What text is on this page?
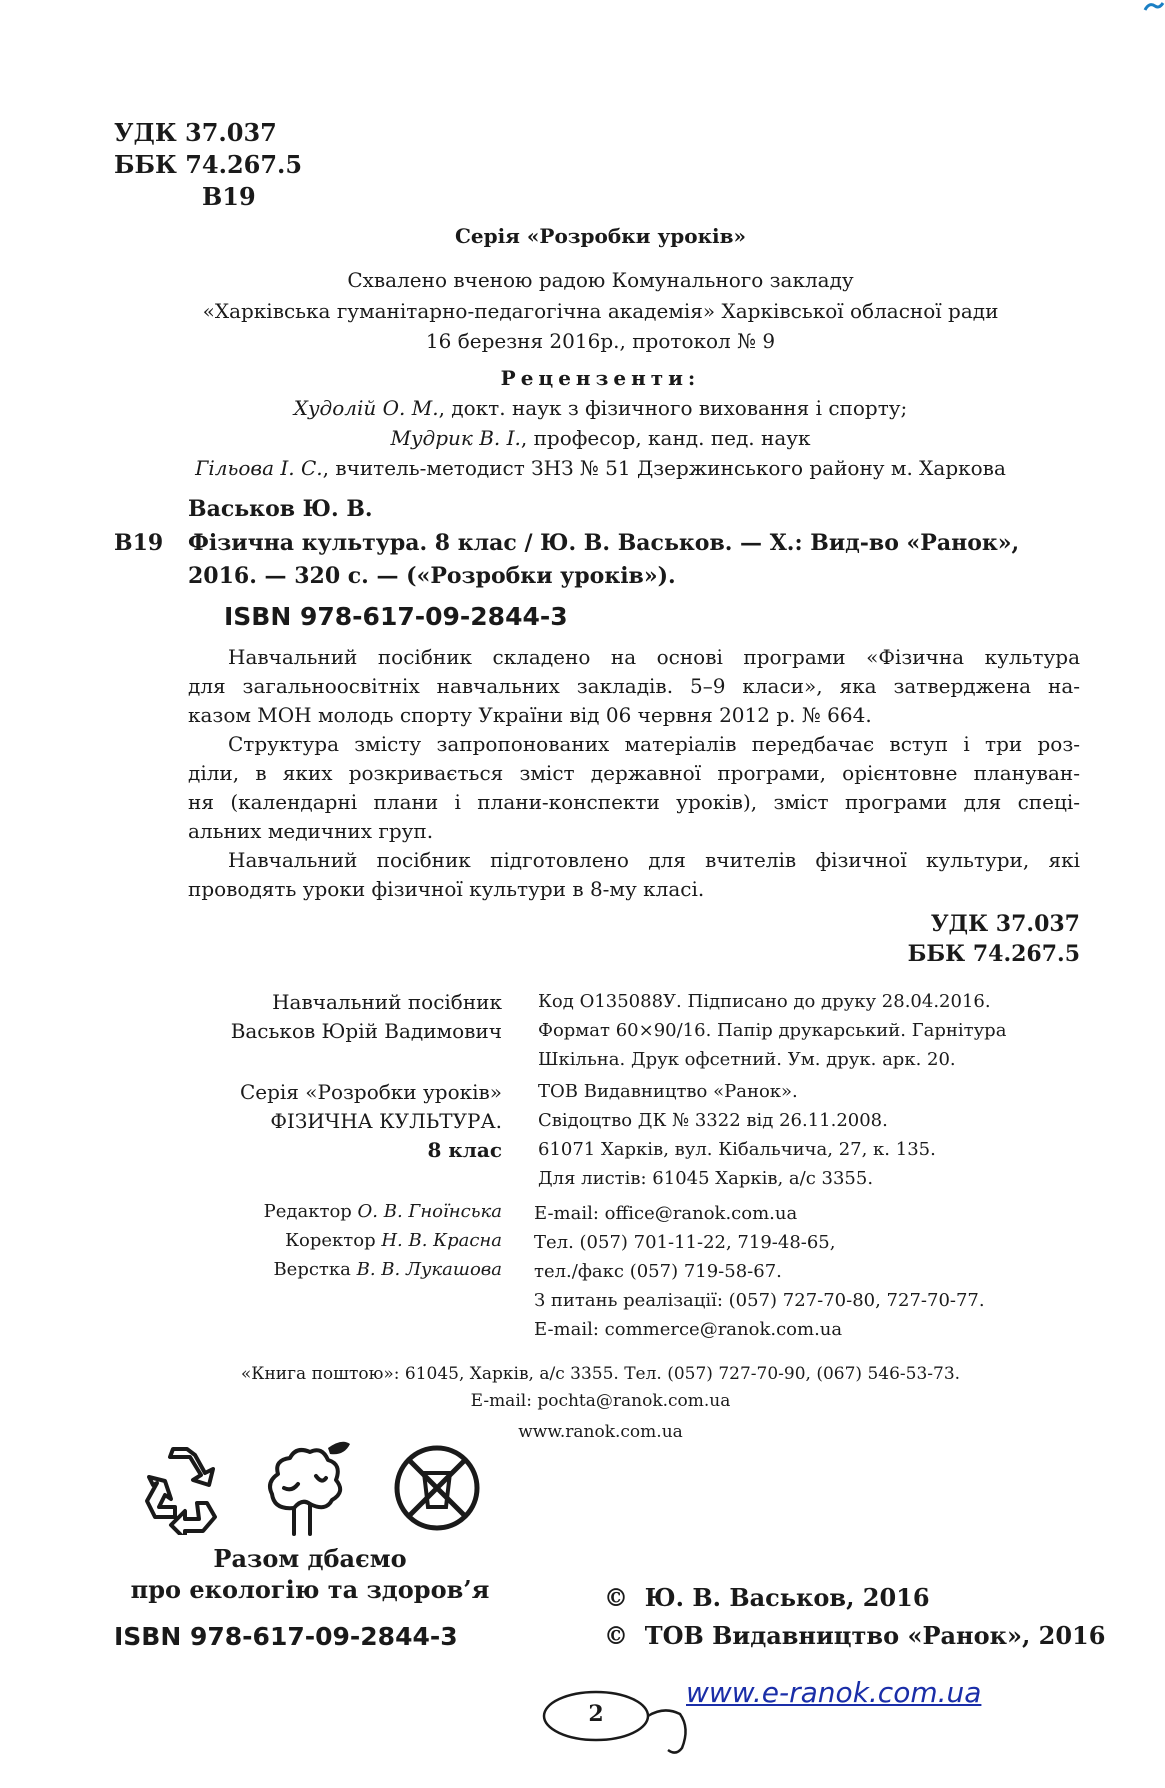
УДК 37.037
ББК 74.267.5
В19
Серія «Розробки уроків»
Схвалено вченою радою Комунального закладу
«Харківська гуманітарно-педагогічна академія» Харківської обласної ради
16 березня 2016р., протокол № 9
Рецензенти:
Худолій О. М., докт. наук з фізичного виховання і спорту;
Мудрик В. І., професор, канд. пед. наук
Гільова І. С., вчитель-методист ЗНЗ № 51 Дзержинського району м. Харкова
Васьков Ю. В.
В19 Фізична культура. 8 клас / Ю. В. Васьков. — Х.: Вид-во «Ранок»,
2016. — 320 с. — («Розробки уроків»).
ISBN 978-617-09-2844-3
Навчальний посібник складено на основі програми «Фізична культура
для загальноосвітніх навчальних закладів. 5–9 класи», яка затверджена на-
казом МОН молодь спорту України від 06 червня 2012 р. № 664.
Структура змісту запропонованих матеріалів передбачає вступ і три роз-
діли, в яких розкривається зміст державної програми, орієнтовне плануван-
ня (календарні плани і плани-конспекти уроків), зміст програми для спеці-
альних медичних груп.
Навчальний посібник підготовлено для вчителів фізичної культури, які
проводять уроки фізичної культури в 8-му класі.
УДК 37.037
ББК 74.267.5
Навчальний посібник
Васьков Юрій Вадимович
Серія «Розробки уроків»
ФІЗИЧНА КУЛЬТУРА.
8 клас
Редактор О. В. Гноїнська
Коректор Н. В. Красна
Верстка В. В. Лукашова
Код О135088У. Підписано до друку 28.04.2016.
Формат 60×90/16. Папір друкарський. Гарнітура
Шкільна. Друк офсетний. Ум. друк. арк. 20.
ТОВ Видавництво «Ранок».
Свідоцтво ДК № 3322 від 26.11.2008.
61071 Харків, вул. Кібальчича, 27, к. 135.
Для листів: 61045 Харків, а/с 3355.
E-mail: office@ranok.com.ua
Тел. (057) 701-11-22, 719-48-65,
тел./факс (057) 719-58-67.
З питань реалізації: (057) 727-70-80, 727-70-77.
E-mail: commerce@ranok.com.ua
«Книга поштою»: 61045, Харків, а/с 3355. Тел. (057) 727-70-90, (067) 546-53-73.
E-mail: pochta@ranok.com.ua
www.ranok.com.ua
Разом дбаємо
про екологію та здоров’я
ISBN 978-617-09-2844-3
© Ю. В. Васьков, 2016
© ТОВ Видавництво «Ранок», 2016
2
www.e-ranok.com.ua
